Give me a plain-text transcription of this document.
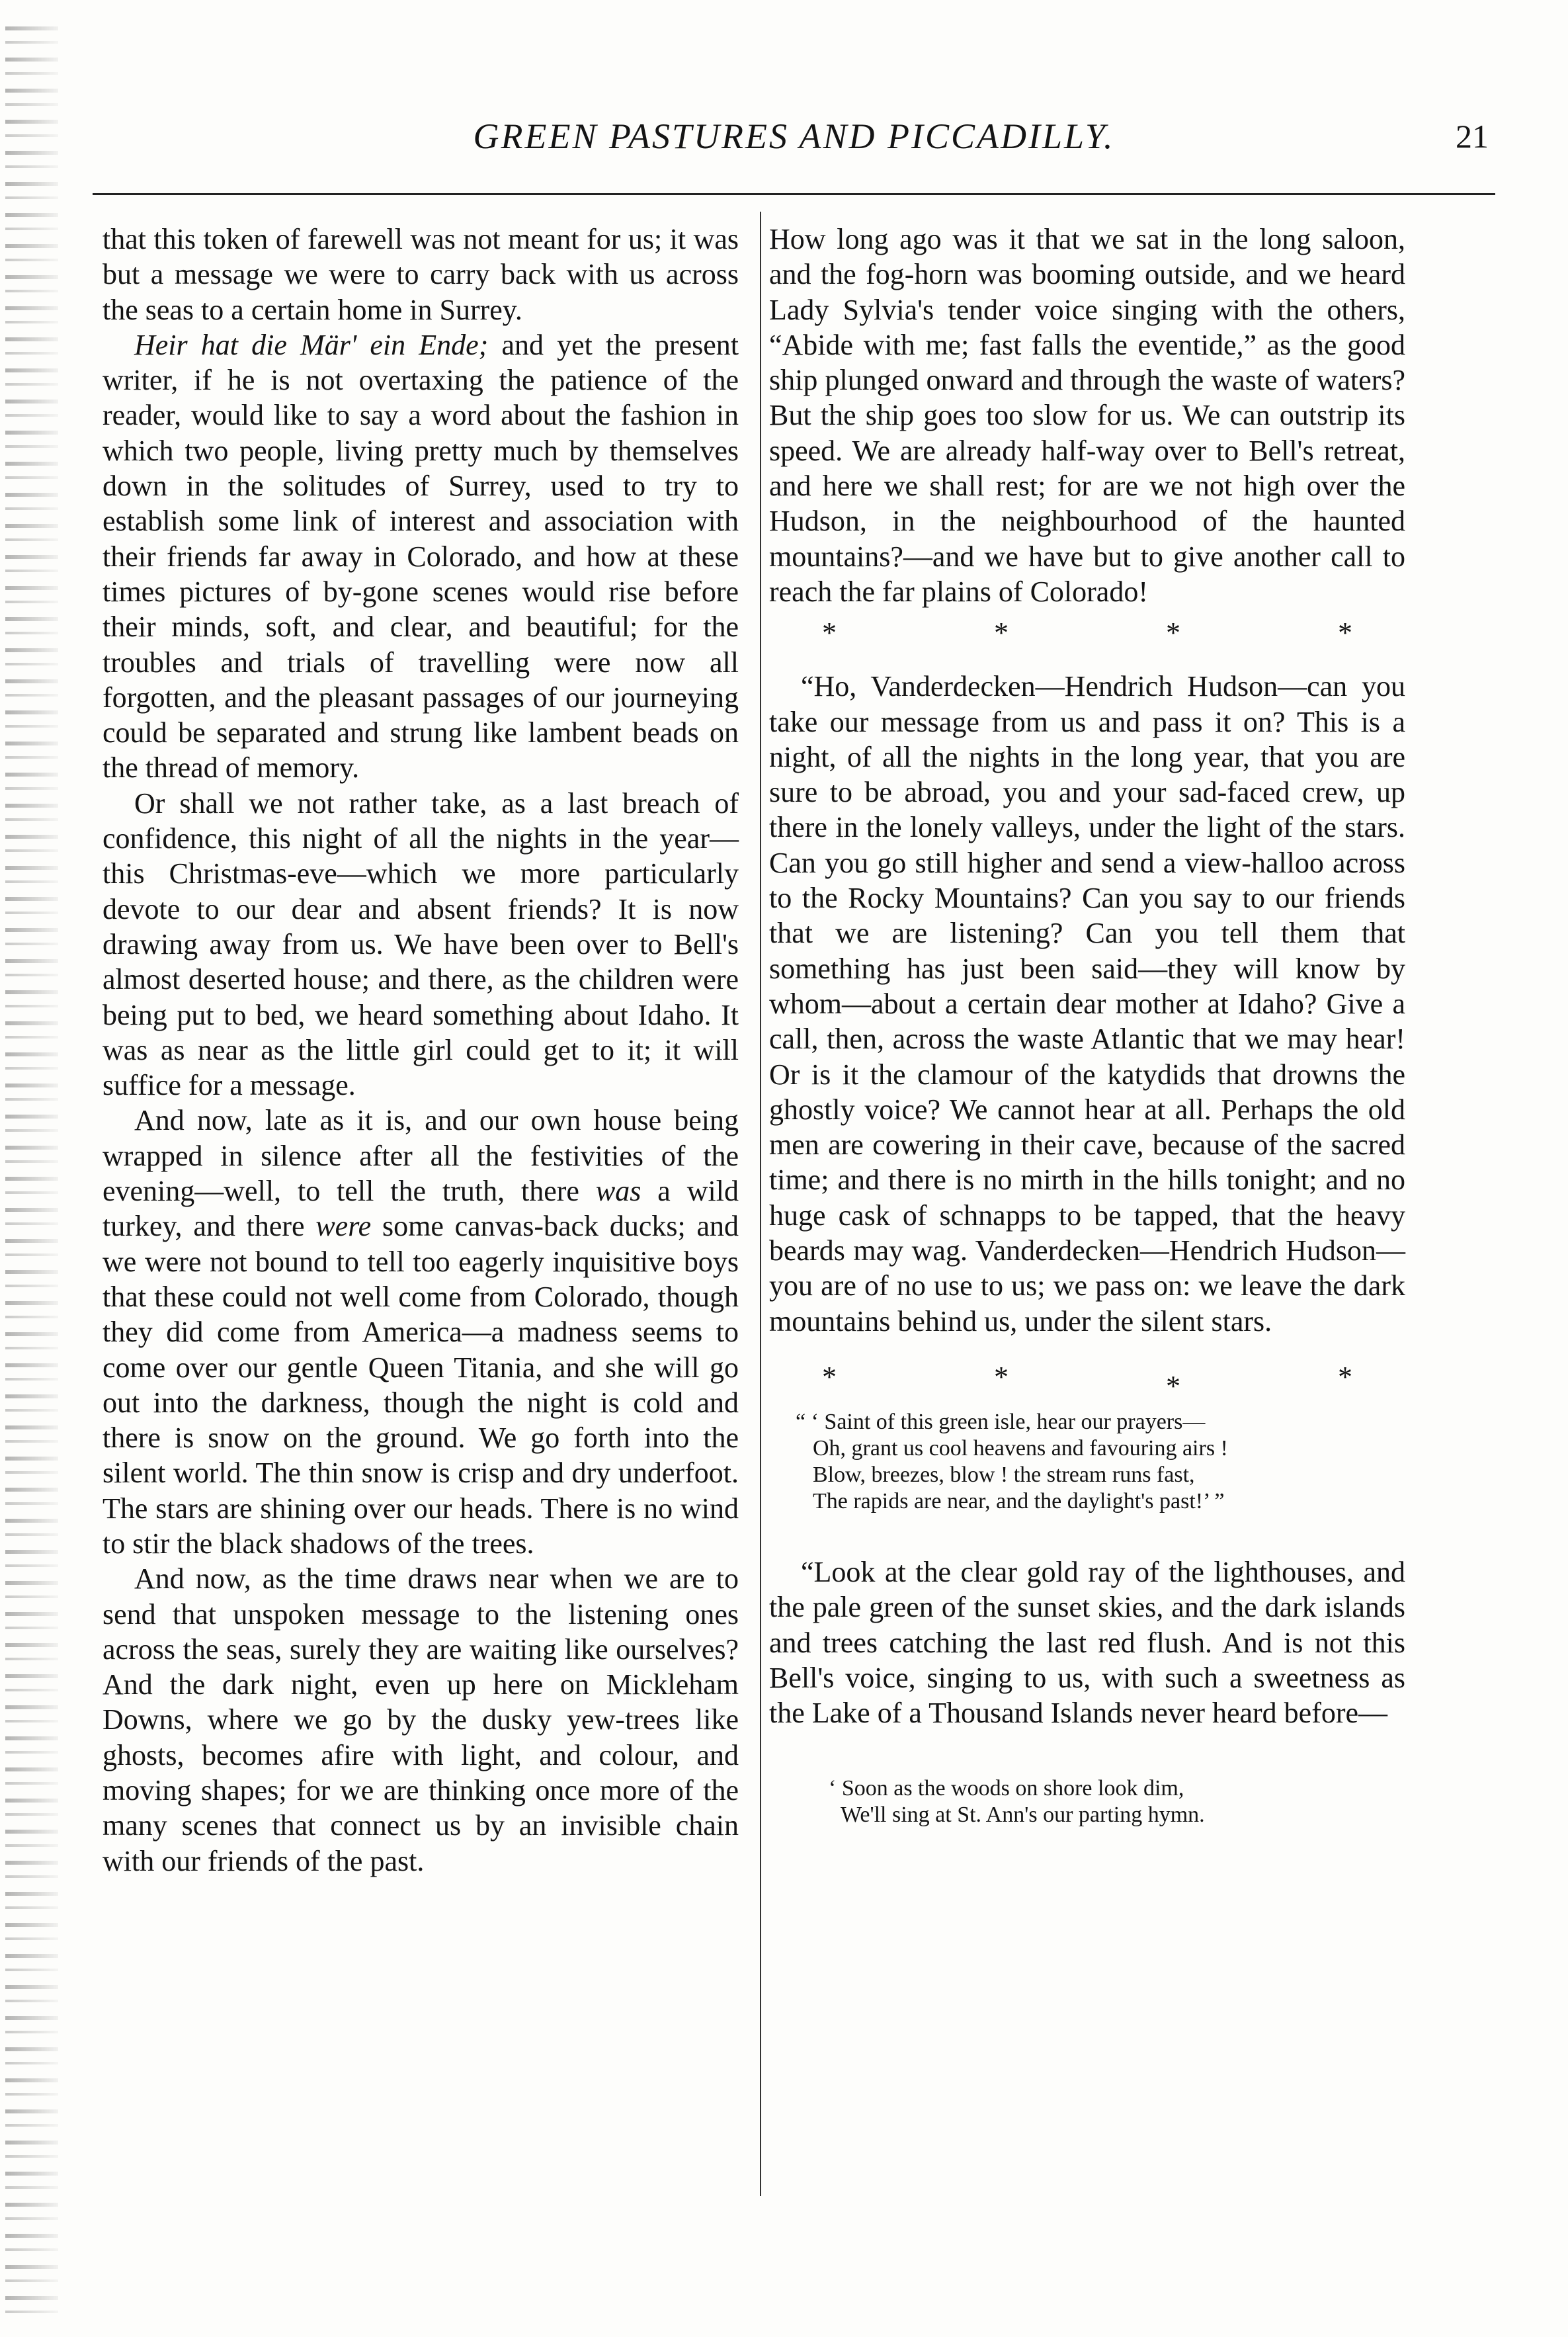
GREEN PASTURES AND PICCADILLY.	21

that this token of farewell was not meant for us; it was but a message we were to carry back with us across the seas to a certain home in Surrey.

Heir hat die Mär' ein Ende; and yet the present writer, if he is not overtaxing the patience of the reader, would like to say a word about the fashion in which two people, living pretty much by themselves down in the solitudes of Surrey, used to try to establish some link of interest and association with their friends far away in Colorado, and how at these times pictures of by-gone scenes would rise before their minds, soft, and clear, and beautiful; for the troubles and trials of travelling were now all forgotten, and the pleasant passages of our journeying could be separated and strung like lambent beads on the thread of memory.

Or shall we not rather take, as a last breach of confidence, this night of all the nights in the year—this Christmas-eve—which we more particularly devote to our dear and absent friends? It is now drawing away from us. We have been over to Bell's almost deserted house; and there, as the children were being put to bed, we heard something about Idaho. It was as near as the little girl could get to it; it will suffice for a message.

And now, late as it is, and our own house being wrapped in silence after all the festivities of the evening—well, to tell the truth, there was a wild turkey, and there were some canvas-back ducks; and we were not bound to tell too eagerly inquisitive boys that these could not well come from Colorado, though they did come from America—a madness seems to come over our gentle Queen Titania, and she will go out into the darkness, though the night is cold and there is snow on the ground. We go forth into the silent world. The thin snow is crisp and dry underfoot. The stars are shining over our heads. There is no wind to stir the black shadows of the trees.

And now, as the time draws near when we are to send that unspoken message to the listening ones across the seas, surely they are waiting like ourselves? And the dark night, even up here on Mickleham Downs, where we go by the dusky yew-trees like ghosts, becomes afire with light, and colour, and moving shapes; for we are thinking once more of the many scenes that connect us by an invisible chain with our friends of the past.

How long ago was it that we sat in the long saloon, and the fog-horn was booming outside, and we heard Lady Sylvia's tender voice singing with the others, “Abide with me; fast falls the eventide,” as the good ship plunged onward and through the waste of waters? But the ship goes too slow for us. We can outstrip its speed. We are already half-way over to Bell's retreat, and here we shall rest; for are we not high over the Hudson, in the neighbourhood of the haunted mountains?—and we have but to give another call to reach the far plains of Colorado!

*	*	*	*

“Ho, Vanderdecken—Hendrich Hudson—can you take our message from us and pass it on? This is a night, of all the nights in the long year, that you are sure to be abroad, you and your sad-faced crew, up there in the lonely valleys, under the light of the stars. Can you go still higher and send a view-halloo across to the Rocky Mountains? Can you say to our friends that we are listening? Can you tell them that something has just been said—they will know by whom—about a certain dear mother at Idaho? Give a call, then, across the waste Atlantic that we may hear! Or is it the clamour of the katydids that drowns the ghostly voice? We cannot hear at all. Perhaps the old men are cowering in their cave, because of the sacred time; and there is no mirth in the hills tonight; and no huge cask of schnapps to be tapped, that the heavy beards may wag. Vanderdecken—Hendrich Hudson—you are of no use to us; we pass on: we leave the dark mountains behind us, under the silent stars.

*	*	*	*
“ ‘ Saint of this green isle, hear our prayers—
Oh, grant us cool heavens and favouring airs !
Blow, breezes, blow ! the stream runs fast,
The rapids are near, and the daylight's past!’ ”

“Look at the clear gold ray of the lighthouses, and the pale green of the sunset skies, and the dark islands and trees catching the last red flush. And is not this Bell's voice, singing to us, with such a sweetness as the Lake of a Thousand Islands never heard before—

‘ Soon as the woods on shore look dim,
We'll sing at St. Ann's our parting hymn.
